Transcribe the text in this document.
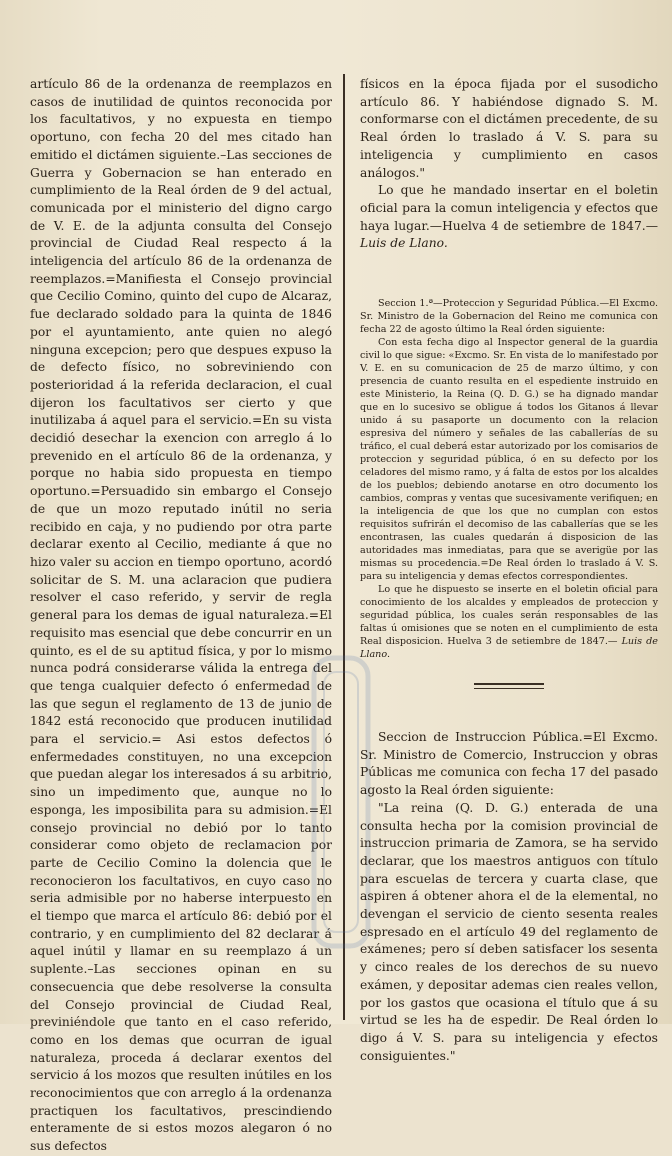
artículo 86 de la ordenanza de reemplazos en casos de inutilidad de quintos reconocida por los facultativos, y no expuesta en tiempo oportuno, con fecha 20 del mes citado han emitido el dictámen siguiente.–Las secciones de Guerra y Gobernacion se han enterado en cumplimiento de la Real órden de 9 del actual, comunicada por el ministerio del digno cargo de V. E. de la adjunta consulta del Consejo provincial de Ciudad Real respecto á la inteligencia del artículo 86 de la ordenanza de reemplazos.=Manifiesta el Consejo provincial que Cecilio Comino, quinto del cupo de Alcaraz, fue declarado soldado para la quinta de 1846 por el ayuntamiento, ante quien no alegó ninguna excepcion; pero que despues expuso la de defecto físico, no sobreviniendo con posterioridad á la referida declaracion, el cual dijeron los facultativos ser cierto y que inutilizaba á aquel para el servicio.=En su vista decidió desechar la exencion con arreglo á lo prevenido en el artículo 86 de la ordenanza, y porque no habia sido propuesta en tiempo oportuno.=Persuadido sin embargo el Consejo de que un mozo reputado inútil no seria recibido en caja, y no pudiendo por otra parte declarar exento al Cecilio, mediante á que no hizo valer su accion en tiempo oportuno, acordó solicitar de S. M. una aclaracion que pudiera resolver el caso referido, y servir de regla general para los demas de igual naturaleza.=El requisito mas esencial que debe concurrir en un quinto, es el de su aptitud física, y por lo mismo nunca podrá considerarse válida la entrega del que tenga cualquier defecto ó enfermedad de las que segun el reglamento de 13 de junio de 1842 está reconocido que producen inutilidad para el servicio.= Asi estos defectos ó enfermedades constituyen, no una excepcion que puedan alegar los interesados á su arbitrio, sino un impedimento que, aunque no lo esponga, les imposibilita para su admision.=El consejo provincial no debió por lo tanto considerar como objeto de reclamacion por parte de Cecilio Comino la dolencia que le reconocieron los facultativos, en cuyo caso no seria admisible por no haberse interpuesto en el tiempo que marca el artículo 86: debió por el contrario, y en cumplimiento del 82 declarar á aquel inútil y llamar en su reemplazo á un suplente.–Las secciones opinan en su consecuencia que debe resolverse la consulta del Consejo provincial de Ciudad Real, previniéndole que tanto en el caso referido, como en los demas que ocurran de igual naturaleza, proceda á declarar exentos del servicio á los mozos que resulten inútiles en los reconocimientos que con arreglo á la ordenanza practiquen los facultativos, prescindiendo enteramente de si estos mozos alegaron ó no sus defectos

físicos en la época fijada por el susodicho artículo 86. Y habiéndose dignado S. M. conformarse con el dictámen precedente, de su Real órden lo traslado á V. S. para su inteligencia y cumplimiento en casos análogos."

Lo que he mandado insertar en el boletin oficial para la comun inteligencia y efectos que haya lugar.—Huelva 4 de setiembre de 1847.— Luis de Llano.

Seccion 1.ª—Proteccion y Seguridad Pública.—El Excmo. Sr. Ministro de la Gobernacion del Reino me comunica con fecha 22 de agosto último la Real órden siguiente:

Con esta fecha digo al Inspector general de la guardia civil lo que sigue: «Excmo. Sr. En vista de lo manifestado por V. E. en su comunicacion de 25 de marzo último, y con presencia de cuanto resulta en el espediente instruido en este Ministerio, la Reina (Q. D. G.) se ha dignado mandar que en lo sucesivo se obligue á todos los Gitanos á llevar unido á su pasaporte un documento con la relacion espresiva del número y señales de las caballerías de su tráfico, el cual deberá estar autorizado por los comisarios de proteccion y seguridad pública, ó en su defecto por los celadores del mismo ramo, y á falta de estos por los alcaldes de los pueblos; debiendo anotarse en otro documento los cambios, compras y ventas que sucesivamente verifiquen; en la inteligencia de que los que no cumplan con estos requisitos sufrirán el decomiso de las caballerías que se les encontrasen, las cuales quedarán á disposicion de las autoridades mas inmediatas, para que se averigüe por las mismas su procedencia.=De Real órden lo traslado á V. S. para su inteligencia y demas efectos correspondientes.

Lo que he dispuesto se inserte en el boletin oficial para conocimiento de los alcaldes y empleados de proteccion y seguridad pública, los cuales serán responsables de las faltas ú omisiones que se noten en el cumplimiento de esta Real disposicion. Huelva 3 de setiembre de 1847.— Luis de Llano.

Seccion de Instruccion Pública.=El Excmo. Sr. Ministro de Comercio, Instruccion y obras Públicas me comunica con fecha 17 del pasado agosto la Real órden siguiente:

"La reina (Q. D. G.) enterada de una consulta hecha por la comision provincial de instruccion primaria de Zamora, se ha servido declarar, que los maestros antiguos con título para escuelas de tercera y cuarta clase, que aspiren á obtener ahora el de la elemental, no devengan el servicio de ciento sesenta reales espresado en el artículo 49 del reglamento de exámenes; pero sí deben satisfacer los sesenta y cinco reales de los derechos de su nuevo exámen, y depositar ademas cien reales vellon, por los gastos que ocasiona el título que á su virtud se les ha de espedir. De Real órden lo digo á V. S. para su inteligencia y efectos consiguientes."
